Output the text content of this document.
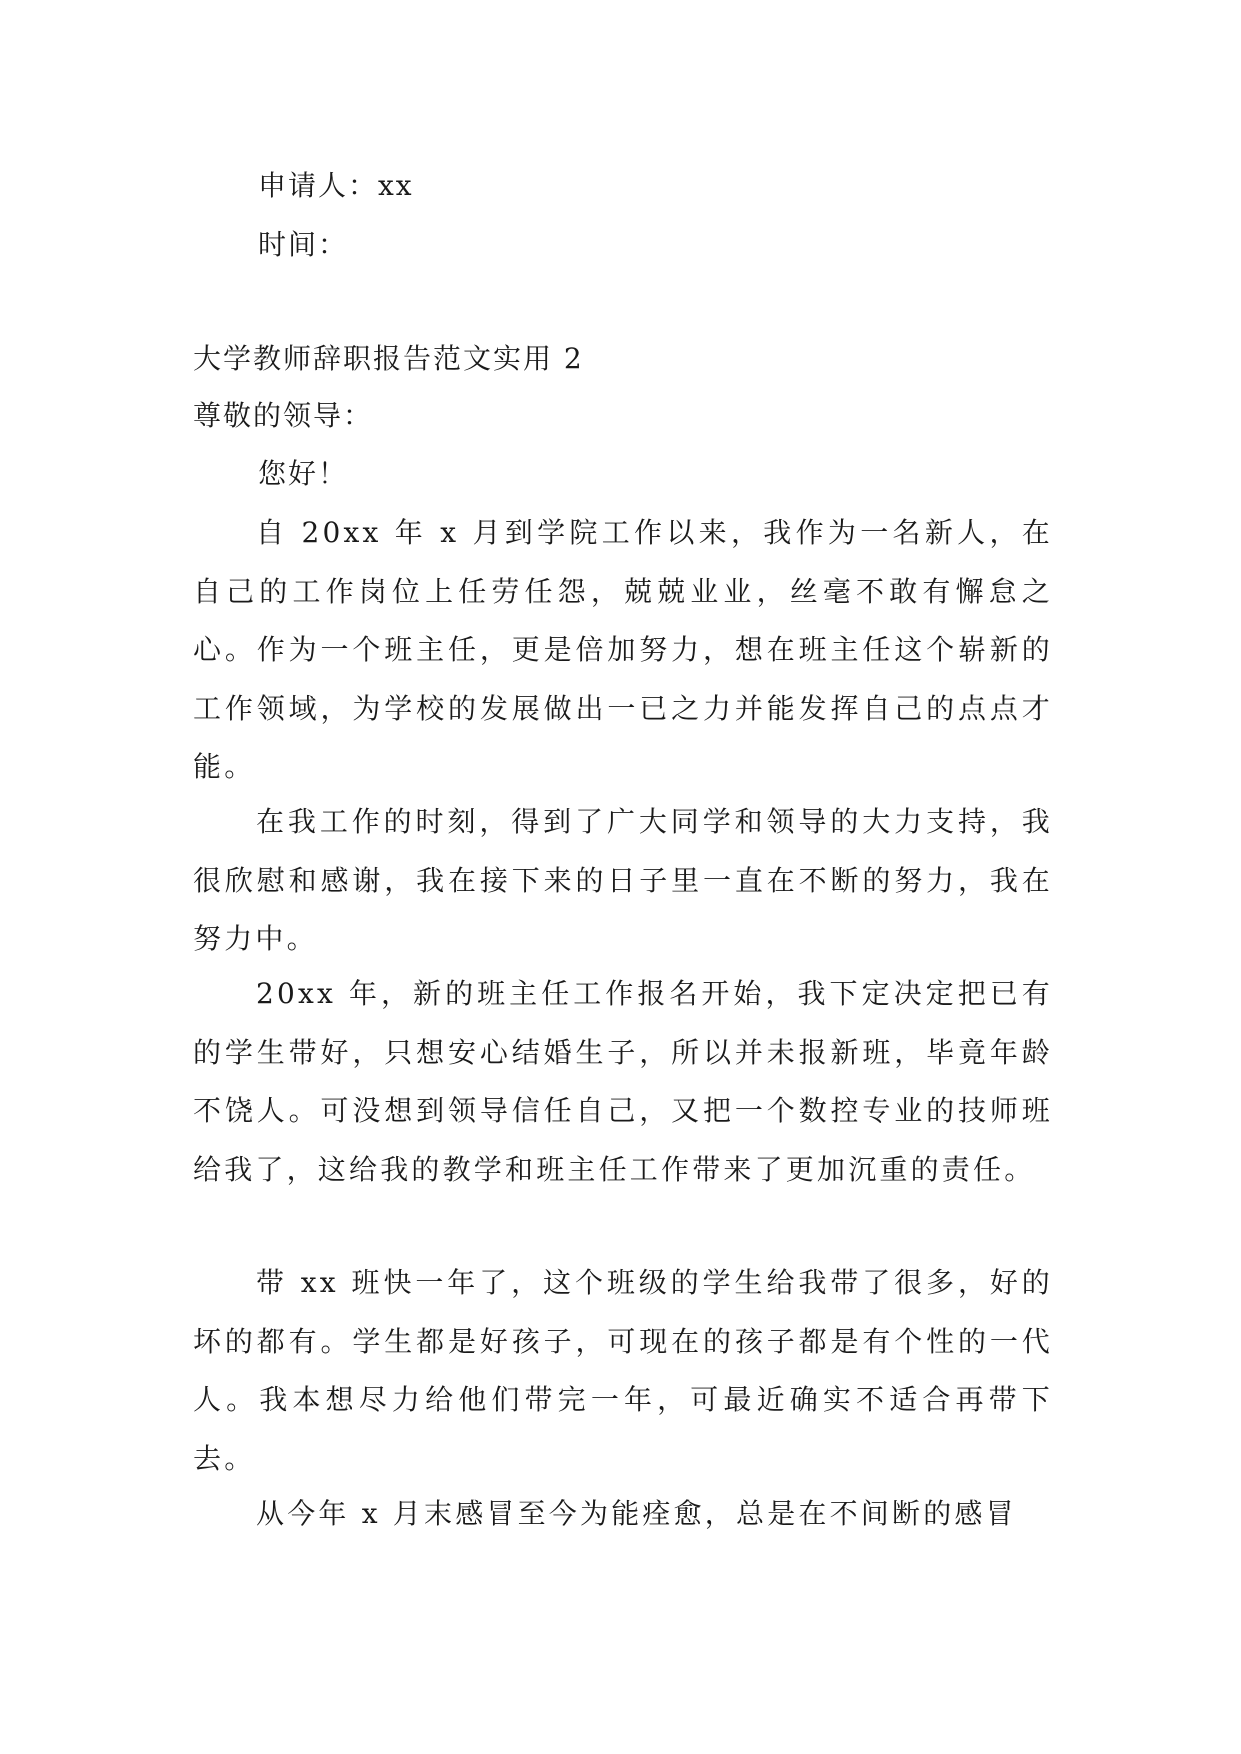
申请人：xx
时间：
大学教师辞职报告范文实用 2
尊敬的领导：
您好！

自 20xx 年 x 月到学院工作以来，我作为一名新人，在自己的工作岗位上任劳任怨，兢兢业业，丝毫不敢有懈怠之心。作为一个班主任，更是倍加努力，想在班主任这个崭新的工作领域，为学校的发展做出一已之力并能发挥自己的点点才能。

在我工作的时刻，得到了广大同学和领导的大力支持，我很欣慰和感谢，我在接下来的日子里一直在不断的努力，我在努力中。

20xx 年，新的班主任工作报名开始，我下定决定把已有的学生带好，只想安心结婚生子，所以并未报新班，毕竟年龄不饶人。可没想到领导信任自己，又把一个数控专业的技师班给我了，这给我的教学和班主任工作带来了更加沉重的责任。

带 xx 班快一年了，这个班级的学生给我带了很多，好的坏的都有。学生都是好孩子，可现在的孩子都是有个性的一代人。我本想尽力给他们带完一年，可最近确实不适合再带下去。

从今年 x 月末感冒至今为能痊愈，总是在不间断的感冒
